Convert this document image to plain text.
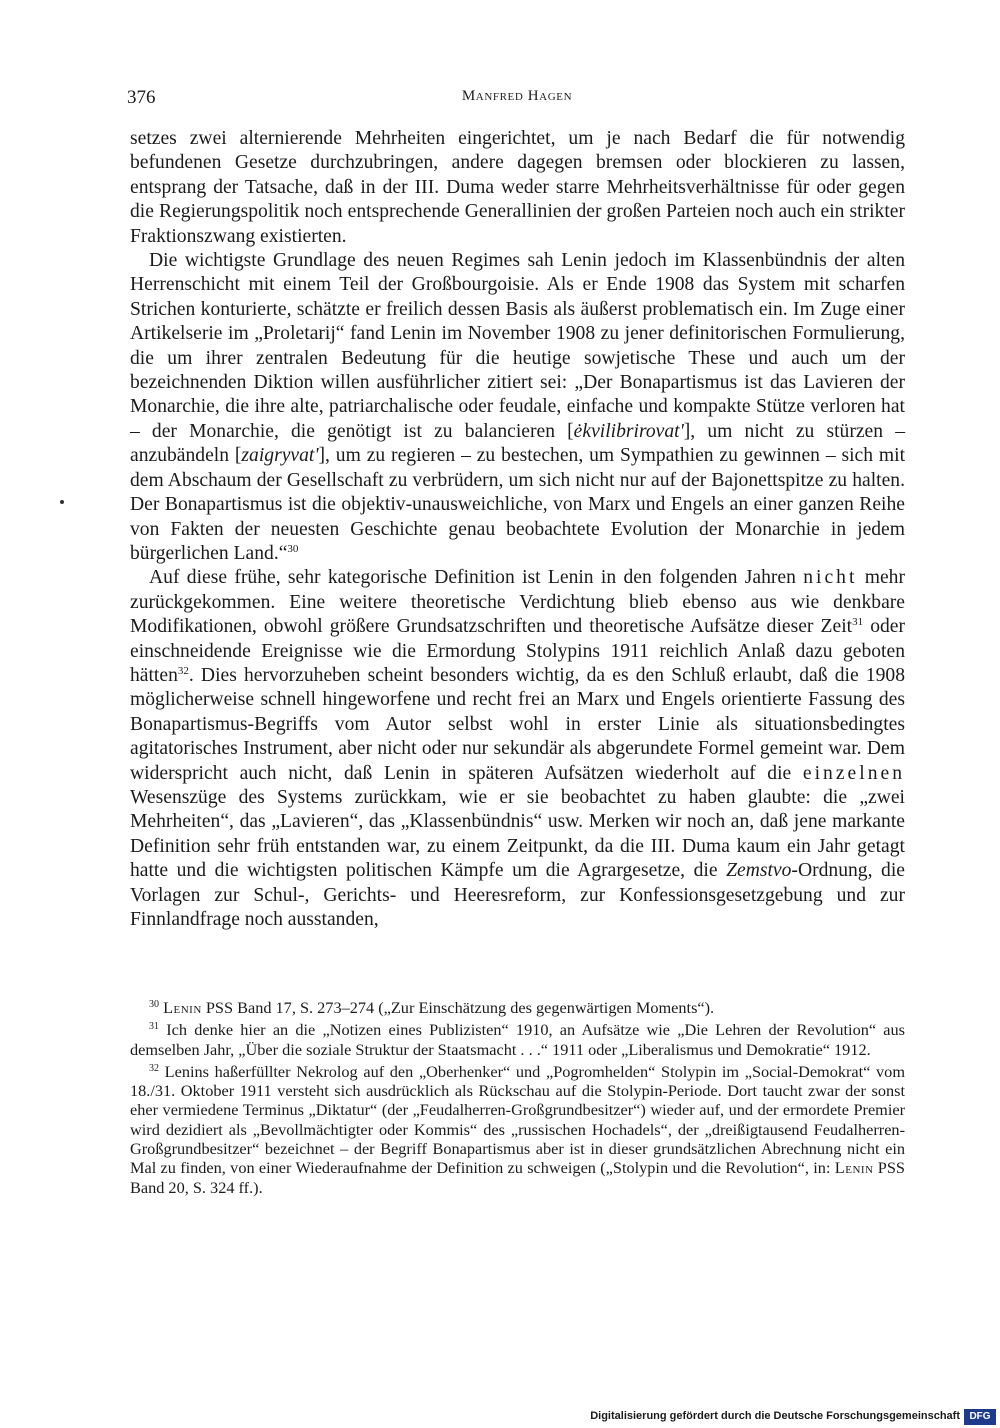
376	Manfred Hagen

setzes zwei alternierende Mehrheiten eingerichtet, um je nach Bedarf die für notwendig befundenen Gesetze durchzubringen, andere dagegen bremsen oder blockieren zu lassen, entsprang der Tatsache, daß in der III. Duma weder starre Mehrheitsverhältnisse für oder gegen die Regierungspolitik noch entsprechende Generallinien der großen Parteien noch auch ein strikter Fraktionszwang existierten.

Die wichtigste Grundlage des neuen Regimes sah Lenin jedoch im Klassenbündnis der alten Herrenschicht mit einem Teil der Großbourgoisie. Als er Ende 1908 das System mit scharfen Strichen konturierte, schätzte er freilich dessen Basis als äußerst problematisch ein. Im Zuge einer Artikelserie im „Proletarij“ fand Lenin im November 1908 zu jener definitorischen Formulierung, die um ihrer zentralen Bedeutung für die heutige sowjetische These und auch um der bezeichnenden Diktion willen ausführlicher zitiert sei: „Der Bonapartismus ist das Lavieren der Monarchie, die ihre alte, patriarchalische oder feudale, einfache und kompakte Stütze verloren hat – der Monarchie, die genötigt ist zu balancieren [ėkvilibrirovat'], um nicht zu stürzen – anzubändeln [zaigryvat'], um zu regieren – zu bestechen, um Sympathien zu gewinnen – sich mit dem Abschaum der Gesellschaft zu verbrüdern, um sich nicht nur auf der Bajonettspitze zu halten. Der Bonapartismus ist die objektiv-unausweichliche, von Marx und Engels an einer ganzen Reihe von Fakten der neuesten Geschichte genau beobachtete Evolution der Monarchie in jedem bürgerlichen Land.“$^{30}$

Auf diese frühe, sehr kategorische Definition ist Lenin in den folgenden Jahren nicht mehr zurückgekommen. Eine weitere theoretische Verdichtung blieb ebenso aus wie denkbare Modifikationen, obwohl größere Grundsatzschriften und theoretische Aufsätze dieser Zeit$^{31}$ oder einschneidende Ereignisse wie die Ermordung Stolypins 1911 reichlich Anlaß dazu geboten hätten$^{32}$. Dies hervorzuheben scheint besonders wichtig, da es den Schluß erlaubt, daß die 1908 möglicherweise schnell hingeworfene und recht frei an Marx und Engels orientierte Fassung des Bonapartismus-Begriffs vom Autor selbst wohl in erster Linie als situationsbedingtes agitatorisches Instrument, aber nicht oder nur sekundär als abgerundete Formel gemeint war. Dem widerspricht auch nicht, daß Lenin in späteren Aufsätzen wiederholt auf die einzelnen Wesenszüge des Systems zurückkam, wie er sie beobachtet zu haben glaubte: die „zwei Mehrheiten“, das „Lavieren“, das „Klassenbündnis“ usw. Merken wir noch an, daß jene markante Definition sehr früh entstanden war, zu einem Zeitpunkt, da die III. Duma kaum ein Jahr getagt hatte und die wichtigsten politischen Kämpfe um die Agrargesetze, die Zemstvo-Ordnung, die Vorlagen zur Schul-, Gerichts- und Heeresreform, zur Konfessionsgesetzgebung und zur Finnlandfrage noch ausstanden,

$^{30}$ Lenin PSS Band 17, S. 273–274 („Zur Einschätzung des gegenwärtigen Moments“).

$^{31}$ Ich denke hier an die „Notizen eines Publizisten“ 1910, an Aufsätze wie „Die Lehren der Revolution“ aus demselben Jahr, „Über die soziale Struktur der Staatsmacht . . .“ 1911 oder „Liberalismus und Demokratie“ 1912.

$^{32}$ Lenins haßerfüllter Nekrolog auf den „Oberhenker“ und „Pogromhelden“ Stolypin im „Social-Demokrat“ vom 18./31. Oktober 1911 versteht sich ausdrücklich als Rückschau auf die Stolypin-Periode. Dort taucht zwar der sonst eher vermiedene Terminus „Diktatur“ (der „Feudalherren-Großgrundbesitzer“) wieder auf, und der ermordete Premier wird dezidiert als „Bevollmächtigter oder Kommis“ des „russischen Hochadels“, der „dreißigtausend Feudalherren-Großgrundbesitzer“ bezeichnet – der Begriff Bonapartismus aber ist in dieser grundsätzlichen Abrechnung nicht ein Mal zu finden, von einer Wiederaufnahme der Definition zu schweigen („Stolypin und die Revolution“, in: Lenin PSS Band 20, S. 324 ff.).

Digitalisierung gefördert durch die Deutsche Forschungsgemeinschaft DFG
